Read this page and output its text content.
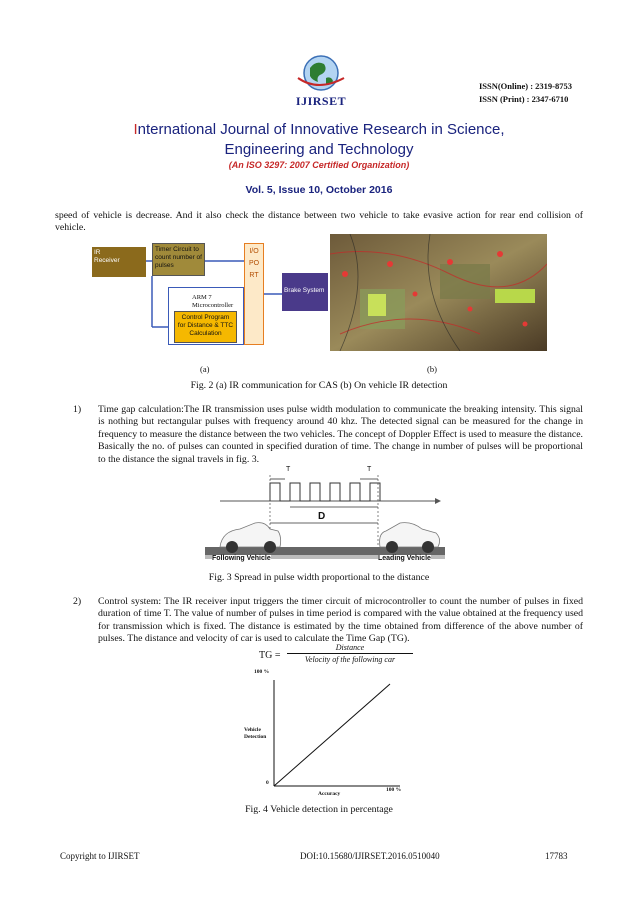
IJIRSET
ISSN(Online) : 2319-8753
ISSN (Print) : 2347-6710
International Journal of Innovative Research in Science,
Engineering and Technology
(An ISO 3297: 2007 Certified Organization)
Vol. 5, Issue 10, October 2016
speed of vehicle is decrease. And it also check the distance between two vehicle to take evasive action for rear end collision of vehicle.
IR
Receiver
Timer Circuit to count number of pulses
ARM 7 Microcontroller
Control Program for Distance & TTC Calculation
I/O PORT
Brake System
(a)	(b)
Fig. 2 (a) IR communication for CAS (b) On vehicle IR detection
1) Time gap calculation:The IR transmission uses pulse width modulation to communicate the breaking intensity. This signal is nothing but rectangular pulses with frequency around 40 khz. The detected signal can be measured for the change in frequency to measure the distance between the two vehicles. The concept of Doppler Effect is used to measure the distance. Basically the no. of pulses can counted in specified duration of time. The change in number of pulses will be proportional to the distance the signal travels in fig. 3.
T	T
D
Following Vehicle	Leading Vehicle
Fig. 3 Spread in pulse width proportional to the distance
2) Control system: The IR receiver input triggers the timer circuit of microcontroller to count the number of pulses in fixed duration of time T. The value of number of pulses in time period is compared with the value obtained at the frequency used for transmission which is fixed. The distance is estimated by the time obtained from difference of the above number of pulses. The distance and velocity of car is used to calculate the Time Gap (TG).
TG =
Distance
Velocity of the following car
100 %
Vehicle Detection
0
100 %
Accuracy
Fig. 4 Vehicle detection in percentage
Copyright to IJIRSET	DOI:10.15680/IJIRSET.2016.0510040	17783
